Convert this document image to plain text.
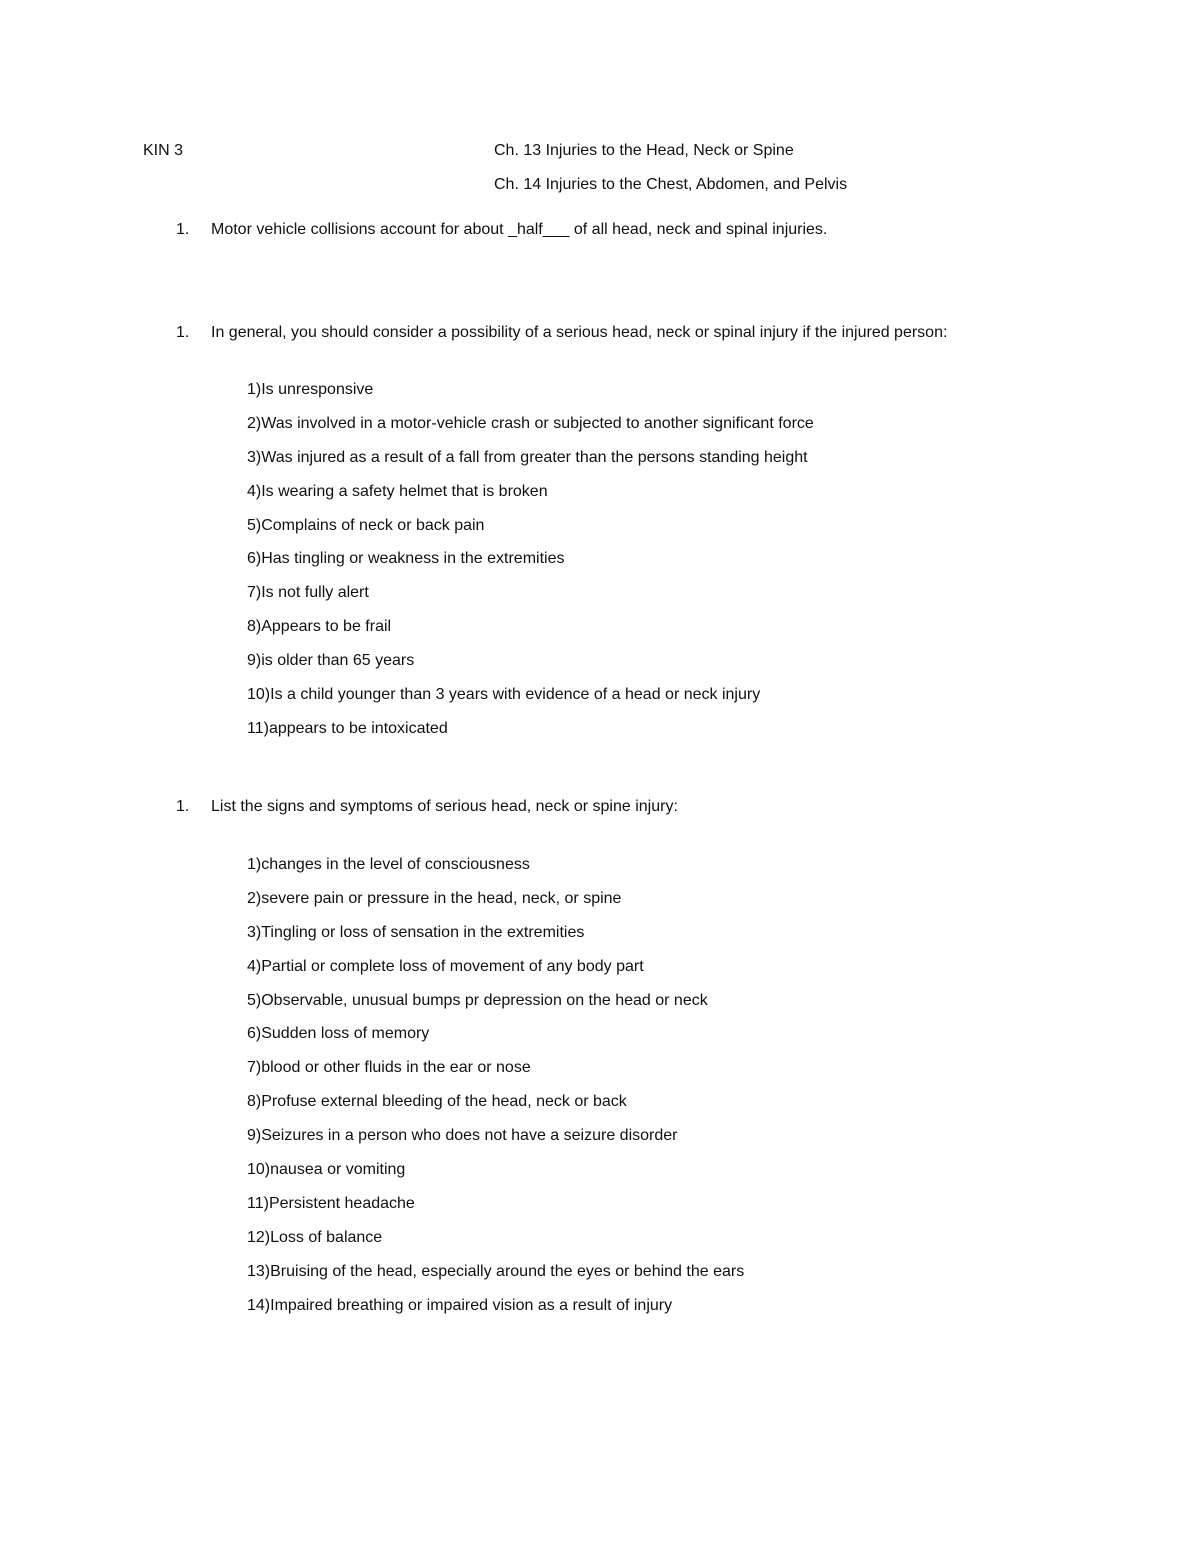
KIN 3	Ch. 13 Injuries to the Head, Neck or Spine
Ch. 14 Injuries to the Chest, Abdomen, and Pelvis
1. Motor vehicle collisions account for about _half___ of all head, neck and spinal injuries.
1. In general, you should consider a possibility of a serious head, neck or spinal injury if the injured person:
1)Is unresponsive
2)Was involved in a motor-vehicle crash or subjected to another significant force
3)Was injured as a result of a fall from greater than the persons standing height
4)Is wearing a safety helmet that is broken
5)Complains of neck or back pain
6)Has tingling or weakness in the extremities
7)Is not fully alert
8)Appears to be frail
9)is older than 65 years
10)Is a child younger than 3 years with evidence of a head or neck injury
11)appears to be intoxicated
1. List the signs and symptoms of serious head, neck or spine injury:
1)changes in the level of consciousness
2)severe pain or pressure in the head, neck, or spine
3)Tingling or loss of sensation in the extremities
4)Partial or complete loss of movement of any body part
5)Observable, unusual bumps pr depression on the head or neck
6)Sudden loss of memory
7)blood or other fluids in the ear or nose
8)Profuse external bleeding of the head, neck or back
9)Seizures in a person who does not have a seizure disorder
10)nausea or vomiting
11)Persistent headache
12)Loss of balance
13)Bruising of the head, especially around the eyes or behind the ears
14)Impaired breathing or impaired vision as a result of injury
